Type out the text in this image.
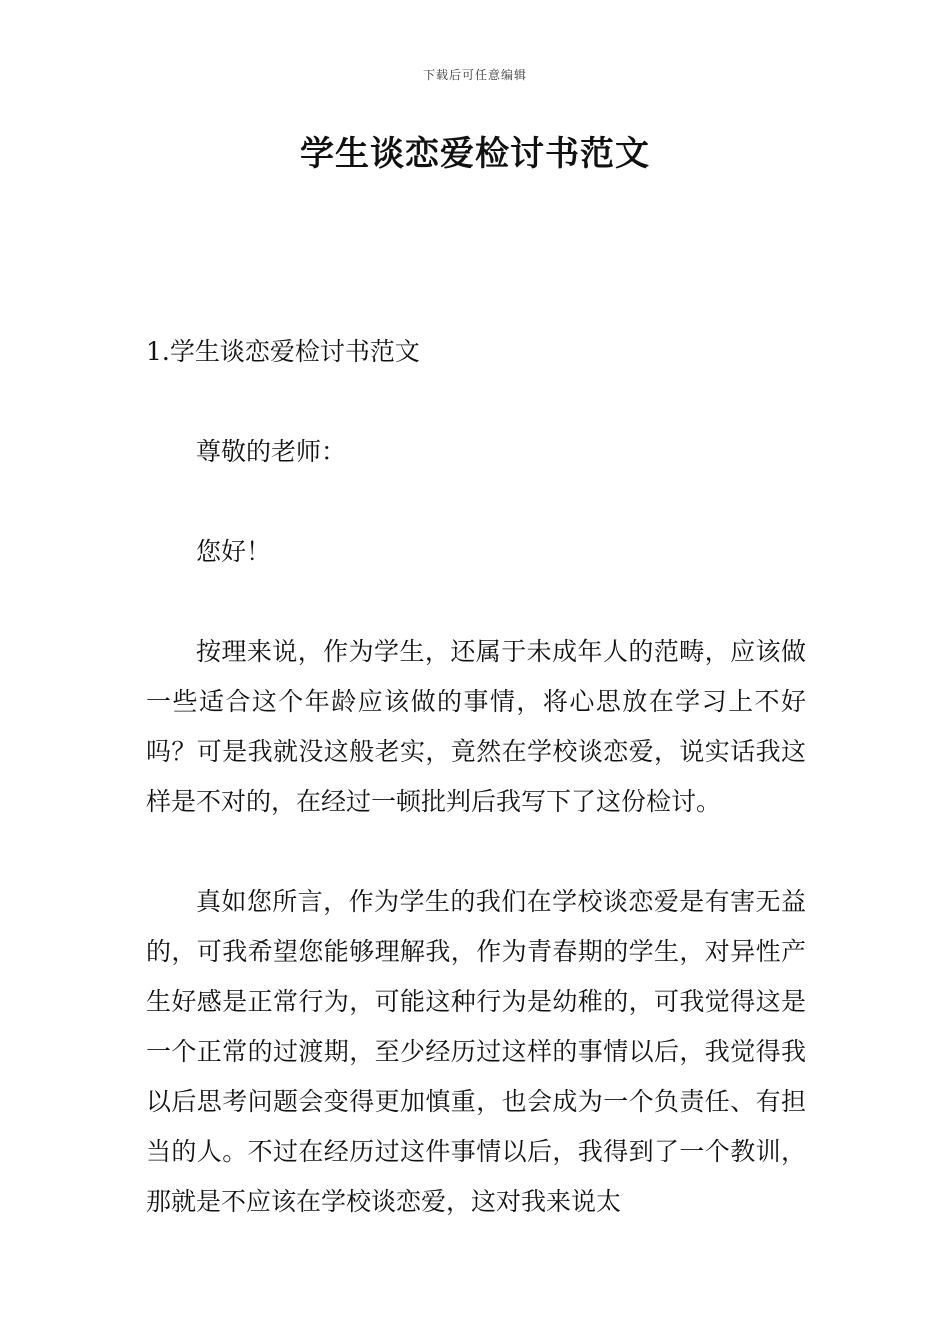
下载后可任意编辑
学生谈恋爱检讨书范文

1.学生谈恋爱检讨书范文

尊敬的老师：

您好！

按理来说，作为学生，还属于未成年人的范畴，应该做一些适合这个年龄应该做的事情，将心思放在学习上不好吗？可是我就没这般老实，竟然在学校谈恋爱，说实话我这样是不对的，在经过一顿批判后我写下了这份检讨。

真如您所言，作为学生的我们在学校谈恋爱是有害无益的，可我希望您能够理解我，作为青春期的学生，对异性产生好感是正常行为，可能这种行为是幼稚的，可我觉得这是一个正常的过渡期，至少经历过这样的事情以后，我觉得我以后思考问题会变得更加慎重，也会成为一个负责任、有担当的人。不过在经历过这件事情以后，我得到了一个教训，那就是不应该在学校谈恋爱，这对我来说太
